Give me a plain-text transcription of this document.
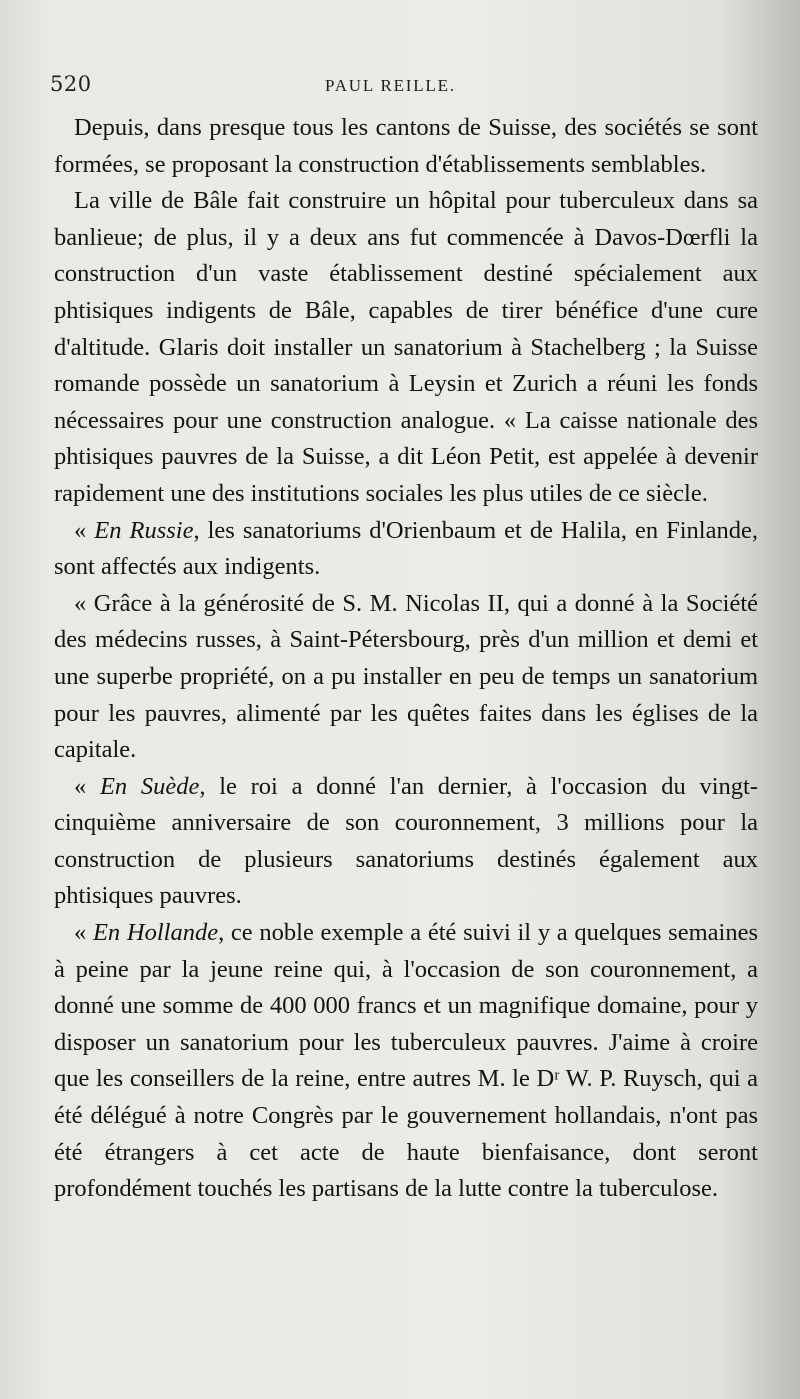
520	PAUL REILLE.

Depuis, dans presque tous les cantons de Suisse, des sociétés se sont formées, se proposant la construction d'établissements semblables.

La ville de Bâle fait construire un hôpital pour tuberculeux dans sa banlieue; de plus, il y a deux ans fut commencée à Davos-Dœrfli la construction d'un vaste établissement destiné spécialement aux phtisiques indigents de Bâle, capables de tirer bénéfice d'une cure d'altitude. Glaris doit installer un sanatorium à Stachelberg ; la Suisse romande possède un sanatorium à Leysin et Zurich a réuni les fonds nécessaires pour une construction analogue. « La caisse nationale des phtisiques pauvres de la Suisse, a dit Léon Petit, est appelée à devenir rapidement une des institutions sociales les plus utiles de ce siècle.

« En Russie, les sanatoriums d'Orienbaum et de Halila, en Finlande, sont affectés aux indigents.

« Grâce à la générosité de S. M. Nicolas II, qui a donné à la Société des médecins russes, à Saint-Pétersbourg, près d'un million et demi et une superbe propriété, on a pu installer en peu de temps un sanatorium pour les pauvres, alimenté par les quêtes faites dans les églises de la capitale.

« En Suède, le roi a donné l'an dernier, à l'occasion du vingt-cinquième anniversaire de son couronnement, 3 millions pour la construction de plusieurs sanatoriums destinés également aux phtisiques pauvres.

« En Hollande, ce noble exemple a été suivi il y a quelques semaines à peine par la jeune reine qui, à l'occasion de son couronnement, a donné une somme de 400 000 francs et un magnifique domaine, pour y disposer un sanatorium pour les tuberculeux pauvres. J'aime à croire que les conseillers de la reine, entre autres M. le Dʳ W. P. Ruysch, qui a été délégué à notre Congrès par le gouvernement hollandais, n'ont pas été étrangers à cet acte de haute bienfaisance, dont seront profondément touchés les partisans de la lutte contre la tuberculose.
